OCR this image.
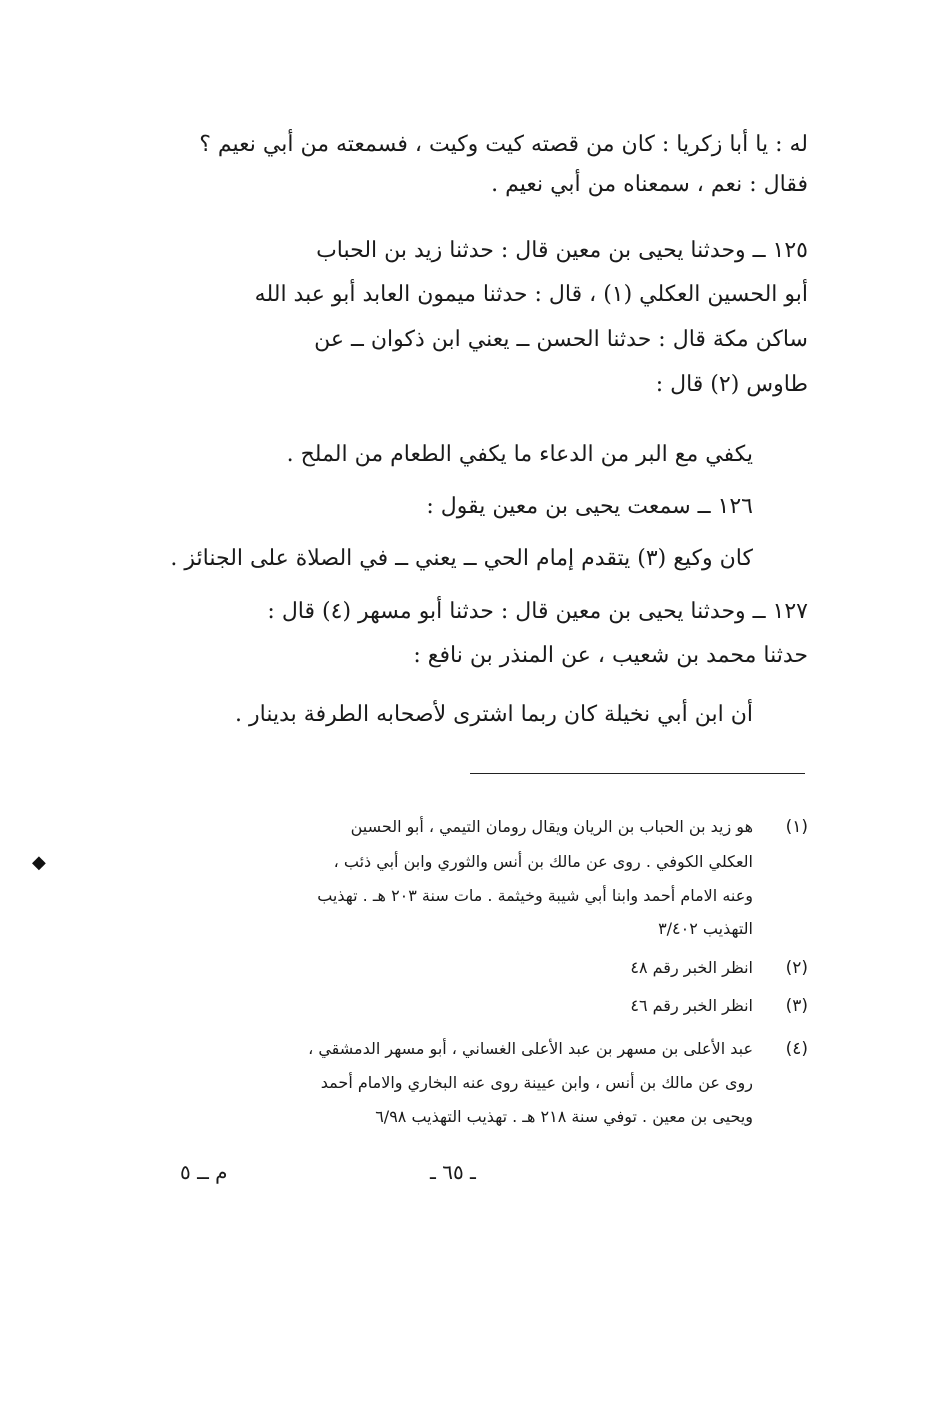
له : يا أبا زكريا : كان من قصته كيت وكيت ، فسمعته من أبي نعيم ؟
فقال : نعم ، سمعناه من أبي نعيم .
١٢٥ ــ وحدثنا يحيى بن معين قال : حدثنا زيد بن الحباب
أبو الحسين العكلي (١) ، قال : حدثنا ميمون العابد أبو عبد الله
ساكن مكة قال : حدثنا الحسن ــ يعني ابن ذكوان ــ عن
طاوس (٢) قال :
يكفي مع البر من الدعاء ما يكفي الطعام من الملح .
١٢٦ ــ سمعت يحيى بن معين يقول :
كان وكيع (٣) يتقدم إمام الحي ــ يعني ــ في الصلاة على الجنائز .
١٢٧ ــ وحدثنا يحيى بن معين قال : حدثنا أبو مسهر (٤) قال :
حدثنا محمد بن شعيب ، عن المنذر بن نافع :
أن ابن أبي نخيلة كان ربما اشترى لأصحابه الطرفة بدينار .
◆
(١)
هو زيد بن الحباب بن الريان ويقال رومان التيمي ، أبو الحسين
العكلي الكوفي . روى عن مالك بن أنس والثوري وابن أبي ذئب ،
وعنه الامام أحمد وابنا أبي شيبة وخيثمة . مات سنة ٢٠٣ هـ . تهذيب
التهذيب ٣/٤٠٢
(٢)
انظر الخبر رقم ٤٨
(٣)
انظر الخبر رقم ٤٦
(٤)
عبد الأعلى بن مسهر بن عبد الأعلى الغساني ، أبو مسهر الدمشقي ،
روى عن مالك بن أنس ، وابن عيينة روى عنه البخاري والامام أحمد
ويحيى بن معين . توفي سنة ٢١٨ هـ . تهذيب التهذيب ٦/٩٨
ـ ٦٥ ـ
م ــ ٥
